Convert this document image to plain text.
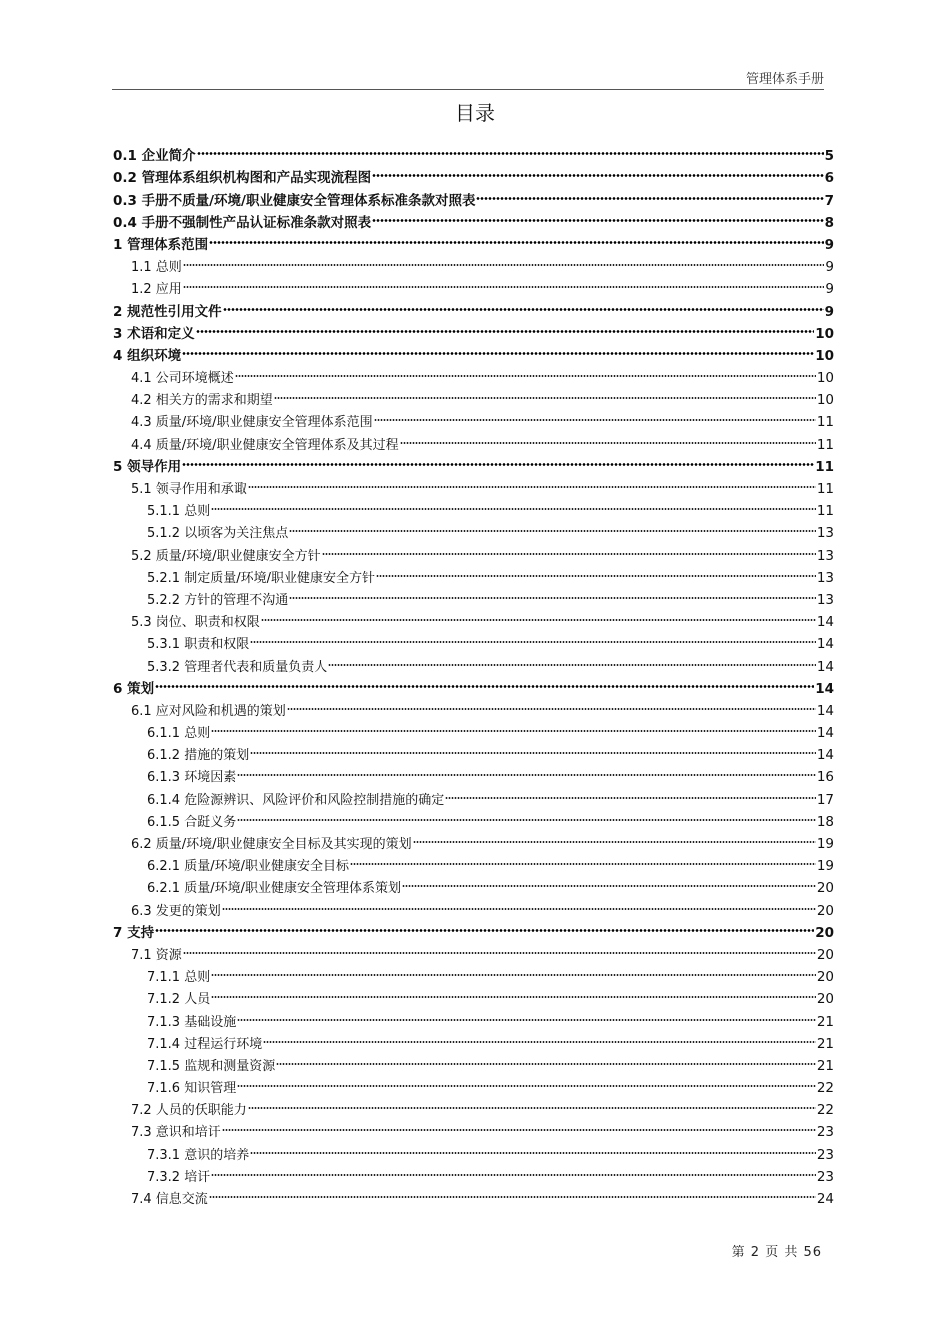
管理体系手册
目录
0.1 企业简介	5
0.2 管理体系组织机构图和产品实现流程图	6
0.3 手册不质量/环境/职业健康安全管理体系标准条款对照表	7
0.4 手册不强制性产品认证标准条款对照表	8
1 管理体系范围	9
1.1 总则	9
1.2 应用	9
2 规范性引用文件	9
3 术语和定义	10
4 组织环境	10
4.1 公司环境概述	10
4.2 相关方的需求和期望	10
4.3 质量/环境/职业健康安全管理体系范围	11
4.4 质量/环境/职业健康安全管理体系及其过程	11
5 领导作用	11
5.1 领寻作用和承诹	11
5.1.1 总则	11
5.1.2 以顷客为关注焦点	13
5.2 质量/环境/职业健康安全方针	13
5.2.1 制定质量/环境/职业健康安全方针	13
5.2.2 方针的管理不沟通	13
5.3 岗位、职责和权限	14
5.3.1 职责和权限	14
5.3.2 管理者代表和质量负责人	14
6 策划	14
6.1 应对风险和机遇的策划	14
6.1.1 总则	14
6.1.2 措施的策划	14
6.1.3 环境因素	16
6.1.4 危险源辨识、风险评价和风险控制措施的确定	17
6.1.5 合跹义务	18
6.2 质量/环境/职业健康安全目标及其实现的策划	19
6.2.1 质量/环境/职业健康安全目标	19
6.2.1 质量/环境/职业健康安全管理体系策划	20
6.3 发更的策划	20
7 支持	20
7.1 资源	20
7.1.1 总则	20
7.1.2 人员	20
7.1.3 基础设施	21
7.1.4 过程运行环境	21
7.1.5 监规和测量资源	21
7.1.6 知识管理	22
7.2 人员的仸职能力	22
7.3 意识和培讦	23
7.3.1 意识的培养	23
7.3.2 培讦	23
7.4 信息交流	24
第 2 页 共 56
